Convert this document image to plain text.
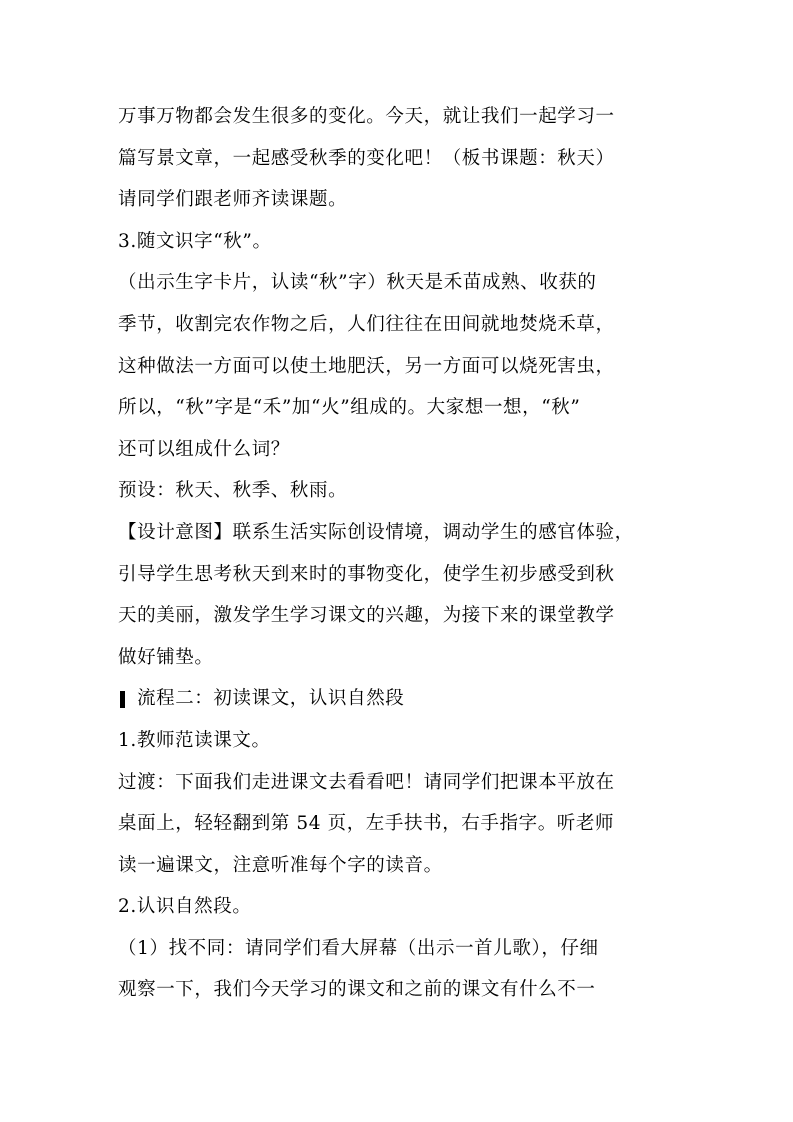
万事万物都会发生很多的变化。今天，就让我们一起学习一
篇写景文章，一起感受秋季的变化吧！（板书课题：秋天）
请同学们跟老师齐读课题。
3.随文识字“秋”。
（出示生字卡片，认读“秋”字）秋天是禾苗成熟、收获的
季节，收割完农作物之后，人们往往在田间就地焚烧禾草，
这种做法一方面可以使土地肥沃，另一方面可以烧死害虫，
所以，“秋”字是“禾”加“火”组成的。大家想一想，“秋”
还可以组成什么词？
预设：秋天、秋季、秋雨。
【设计意图】联系生活实际创设情境，调动学生的感官体验，
引导学生思考秋天到来时的事物变化，使学生初步感受到秋
天的美丽，激发学生学习课文的兴趣，为接下来的课堂教学
做好铺垫。
流程二：初读课文，认识自然段
1.教师范读课文。
过渡：下面我们走进课文去看看吧！请同学们把课本平放在
桌面上，轻轻翻到第 54 页，左手扶书，右手指字。听老师
读一遍课文，注意听准每个字的读音。
2.认识自然段。
（1）找不同：请同学们看大屏幕（出示一首儿歌），仔细
观察一下，我们今天学习的课文和之前的课文有什么不一
